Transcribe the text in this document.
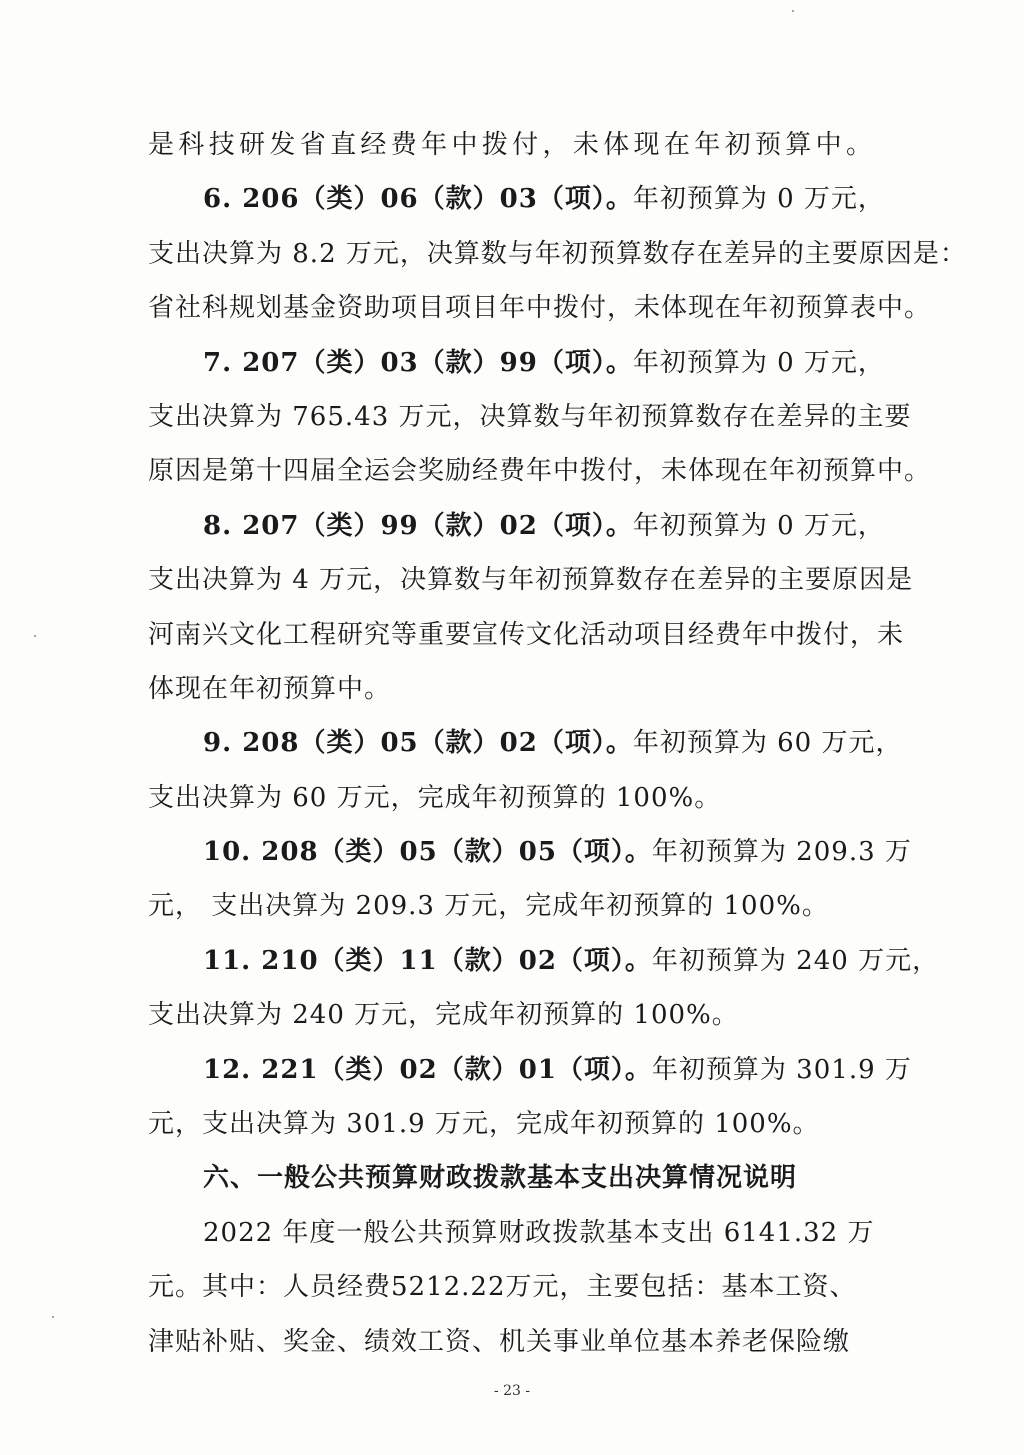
是科技研发省直经费年中拨付，未体现在年初预算中。
6. 206（类）06（款）03（项）。年初预算为 0 万元，
支出决算为 8.2 万元，决算数与年初预算数存在差异的主要原因是：
省社科规划基金资助项目项目年中拨付，未体现在年初预算表中。
7. 207（类）03（款）99（项）。年初预算为 0 万元，
支出决算为 765.43 万元，决算数与年初预算数存在差异的主要
原因是第十四届全运会奖励经费年中拨付，未体现在年初预算中。
8. 207（类）99（款）02（项）。年初预算为 0 万元，
支出决算为 4 万元，决算数与年初预算数存在差异的主要原因是
河南兴文化工程研究等重要宣传文化活动项目经费年中拨付，未
体现在年初预算中。
9. 208（类）05（款）02（项）。年初预算为 60 万元，
支出决算为 60 万元，完成年初预算的 100%。
10. 208（类）05（款）05（项）。年初预算为 209.3 万
元， 支出决算为 209.3 万元，完成年初预算的 100%。
11. 210（类）11（款）02（项）。年初预算为 240 万元，
支出决算为 240 万元，完成年初预算的 100%。
12. 221（类）02（款）01（项）。年初预算为 301.9 万
元，支出决算为 301.9 万元，完成年初预算的 100%。
六、一般公共预算财政拨款基本支出决算情况说明
2022 年度一般公共预算财政拨款基本支出 6141.32 万
元。其中：人员经费5212.22万元，主要包括：基本工资、
津贴补贴、奖金、绩效工资、机关事业单位基本养老保险缴
- 23 -
